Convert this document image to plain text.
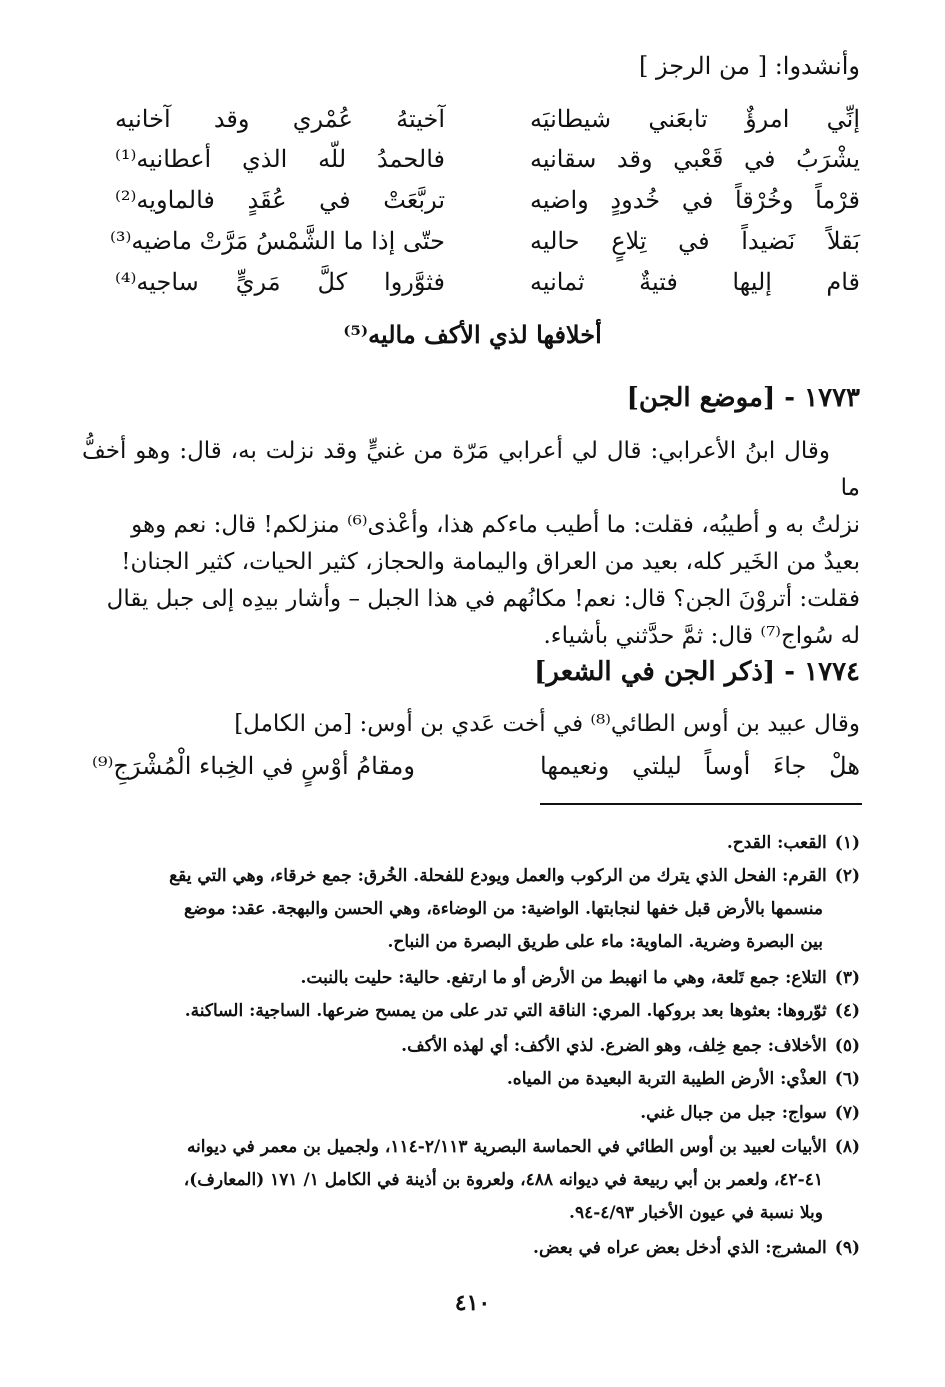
وأنشدوا: [ من الرجز ]
إنِّي امرؤٌ تابعَني شيطانيَه
آخيتهُ عُمْري وقد آخانيه
يشْرَبُ في قَعْبي وقد سقانيه
فالحمدُ للّه الذي أعطانيه⁽¹⁾
قرْماً وخُرْقاً في خُدودٍ واضيه
تربَّعَتْ في عُقَدٍ فالماويه⁽²⁾
بَقلاً نَضيداً في تِلاعٍ حاليه
حتّى إذا ما الشَّمْسُ مَرَّتْ ماضيه⁽³⁾
قام إليها فتيةٌ ثمانيه
فثوَّروا كلَّ مَريٍّ ساجيه⁽⁴⁾
أخلافها لذي الأكف ماليه⁽⁵⁾
١٧٧٣ - [موضع الجن]
وقال ابنُ الأعرابي: قال لي أعرابي مَرّة من غنيٍّ وقد نزلت به، قال: وهو أخفُّ ما
نزلتُ به و أطيبُه، فقلت: ما أطيب ماءكم هذا، وأعْذى⁽⁶⁾ منزلكم! قال: نعم وهو
بعيدٌ من الخَير كله، بعيد من العراق واليمامة والحجاز، كثير الحيات، كثير الجنان!
فقلت: أتروْنَ الجن؟ قال: نعم! مكانُهم في هذا الجبل – وأشار بيدِه إلى جبل يقال
له سُواج⁽⁷⁾ قال: ثمَّ حدَّثني بأشياء.
١٧٧٤ - [ذكر الجن في الشعر]
وقال عبيد بن أوس الطائي⁽⁸⁾ في أخت عَدي بن أوس: [من الكامل]
هلْ جاءَ أوساً ليلتي ونعيمها
ومقامُ أوْسٍ في الخِباء الْمُشْرَجِ⁽⁹⁾
(١)القعب: القدح.
(٢)القرم: الفحل الذي يترك من الركوب والعمل ويودع للفحلة. الخُرق: جمع خرقاء، وهي التي يقع
منسمها بالأرض قبل خفها لنجابتها. الواضية: من الوضاءة، وهي الحسن والبهجة. عقد: موضع
بين البصرة وضرية. الماوية: ماء على طريق البصرة من النباح.
(٣)التلاع: جمع تَلعة، وهي ما انهبط من الأرض أو ما ارتفع. حالية: حليت بالنبت.
(٤)ثوّروها: بعثوها بعد بروكها. المري: الناقة التي تدر على من يمسح ضرعها. الساجية: الساكنة.
(٥)الأخلاف: جمع خِلف، وهو الضرع. لذي الأكف: أي لهذه الأكف.
(٦)العذْي: الأرض الطيبة التربة البعيدة من المياه.
(٧)سواج: جبل من جبال غني.
(٨)الأبيات لعبيد بن أوس الطائي في الحماسة البصرية ٢/١١٣-١١٤، ولجميل بن معمر في ديوانه
٤١-٤٢، ولعمر بن أبي ربيعة في ديوانه ٤٨٨، ولعروة بن أذينة في الكامل ١/ ١٧١ (المعارف)،
وبلا نسبة في عيون الأخبار ٤/٩٣-٩٤.
(٩)المشرج: الذي أدخل بعض عراه في بعض.
٤١٠
